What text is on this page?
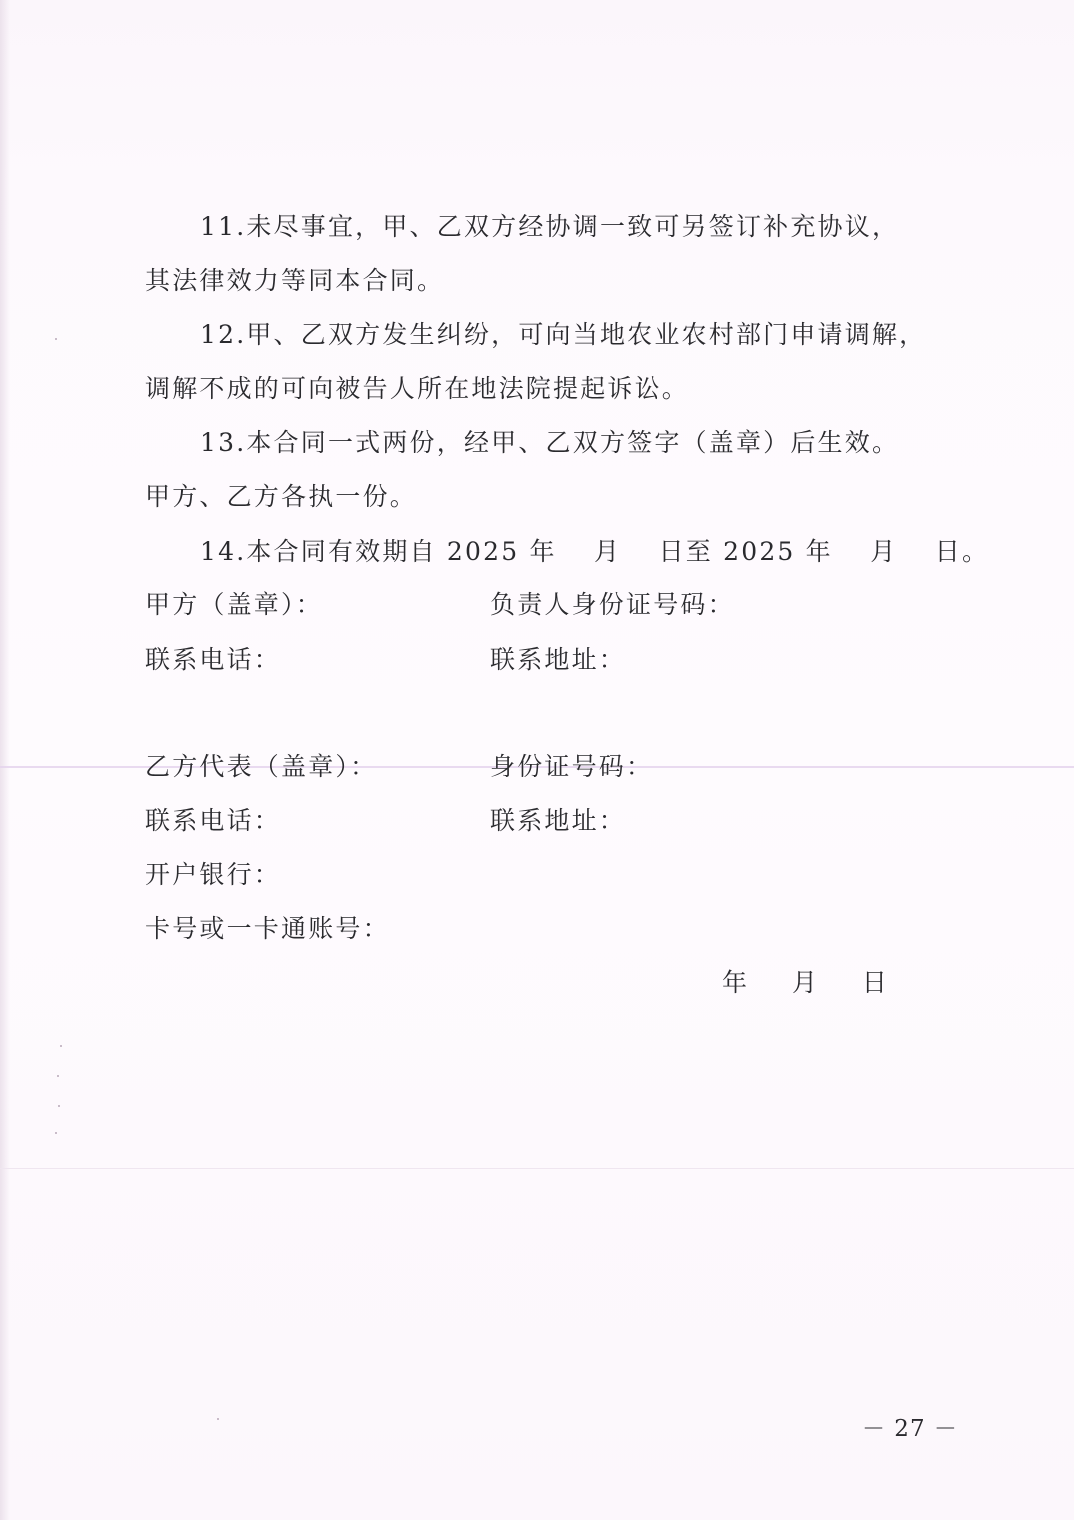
11.未尽事宜，甲、乙双方经协调一致可另签订补充协议，
其法律效力等同本合同。
12.甲、乙双方发生纠纷，可向当地农业农村部门申请调解，
调解不成的可向被告人所在地法院提起诉讼。
13.本合同一式两份，经甲、乙双方签字（盖章）后生效。
甲方、乙方各执一份。
14.本合同有效期自 2025 年　 月　 日至 2025 年　 月　 日。
甲方（盖章）：	负责人身份证号码：
联系电话：	联系地址：
乙方代表（盖章）：	身份证号码：
联系电话：	联系地址：
开户银行：
卡号或一卡通账号：
年　 月　 日
－ 27 －
